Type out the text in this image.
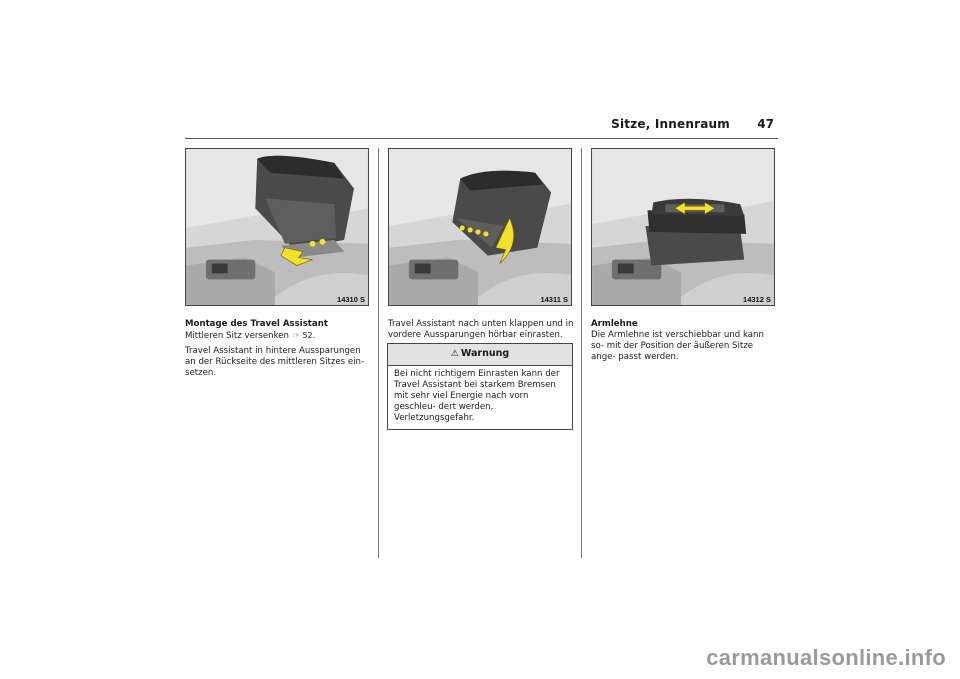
Sitze, Innenraum 47
14310 S	14311 S	14312 S

Montage des Travel Assistant
Mittleren Sitz versenken ☞ 52.

Travel Assistant in hintere Aussparungen an der Rückseite des mittleren Sitzes ein- setzen.

Travel Assistant nach unten klappen und in vordere Aussparungen hörbar einrasten.

⚠ Warnung
Bei nicht richtigem Einrasten kann der Travel Assistant bei starkem Bremsen mit sehr viel Energie nach vorn geschleu- dert werden, Verletzungsgefahr.

Armlehne
Die Armlehne ist verschiebbar und kann so- mit der Position der äußeren Sitze ange- passt werden.

carmanualsonline.info
